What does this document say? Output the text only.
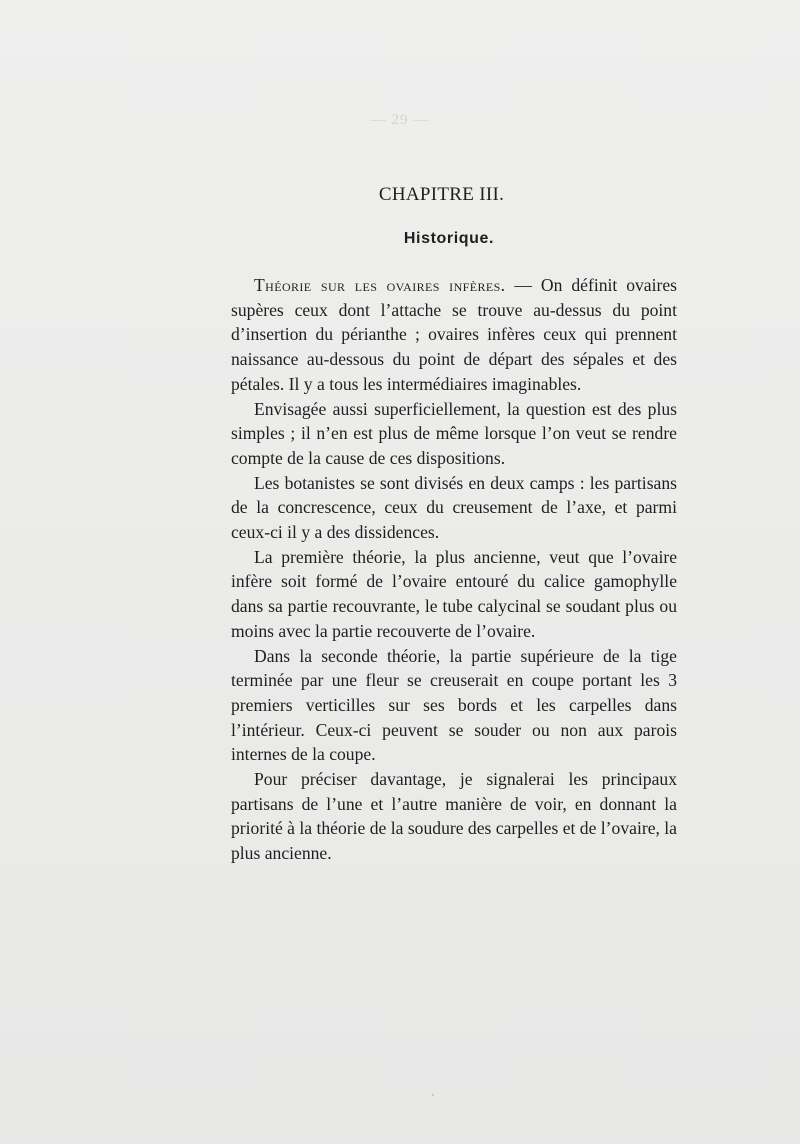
— 29 —
CHAPITRE III.
Historique.

Théorie sur les ovaires infères. — On définit ovaires supères ceux dont l’attache se trouve au-dessus du point d’insertion du périanthe ; ovaires infères ceux qui prennent naissance au-dessous du point de départ des sépales et des pétales. Il y a tous les intermédiaires imaginables.

Envisagée aussi superficiellement, la question est des plus simples ; il n’en est plus de même lorsque l’on veut se rendre compte de la cause de ces dispositions.

Les botanistes se sont divisés en deux camps : les partisans de la concrescence, ceux du creusement de l’axe, et parmi ceux-ci il y a des dissidences.

La première théorie, la plus ancienne, veut que l’ovaire infère soit formé de l’ovaire entouré du calice gamophylle dans sa partie recouvrante, le tube calycinal se soudant plus ou moins avec la partie recouverte de l’ovaire.

Dans la seconde théorie, la partie supérieure de la tige terminée par une fleur se creuserait en coupe portant les 3 premiers verticilles sur ses bords et les carpelles dans l’intérieur. Ceux-ci peuvent se souder ou non aux parois internes de la coupe.

Pour préciser davantage, je signalerai les principaux partisans de l’une et l’autre manière de voir, en donnant la priorité à la théorie de la soudure des carpelles et de l’ovaire, la plus ancienne.

'
